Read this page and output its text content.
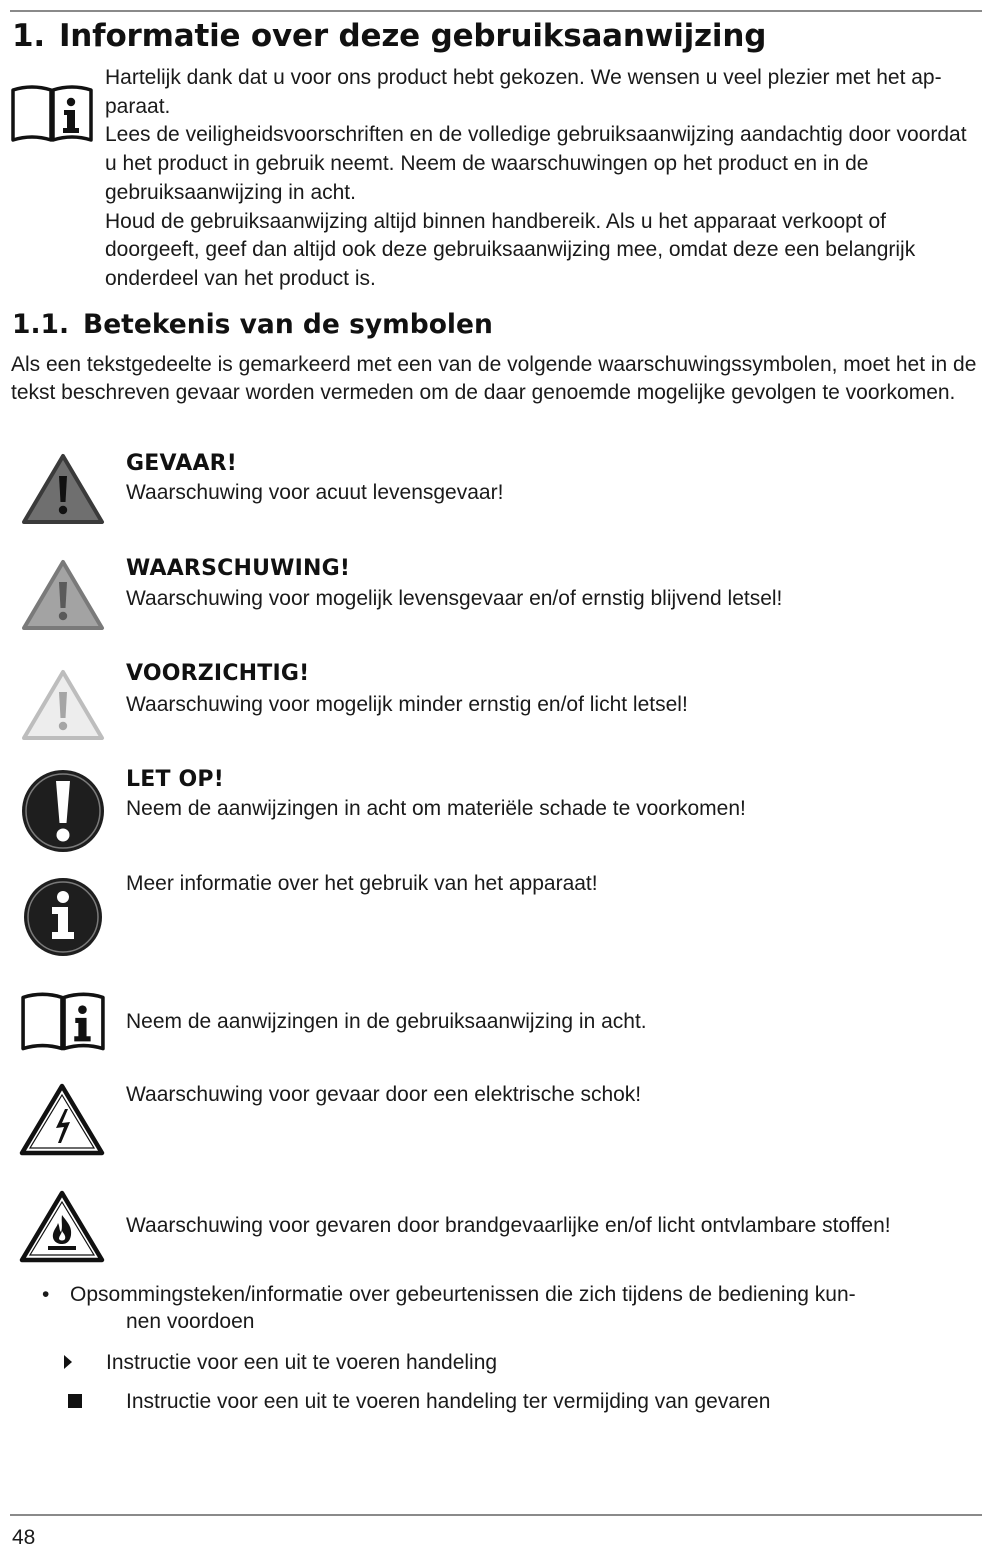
1. Informatie over deze gebruiksaanwijzing

Hartelijk dank dat u voor ons product hebt gekozen. We wensen u veel plezier met het ap-paraat.

Lees de veiligheidsvoorschriften en de volledige gebruiksaanwijzing aandachtig door voordat u het product in gebruik neemt. Neem de waarschuwingen op het product en in de gebruiksaanwijzing in acht.

Houd de gebruiksaanwijzing altijd binnen handbereik. Als u het apparaat verkoopt of doorgeeft, geef dan altijd ook deze gebruiksaanwijzing mee, omdat deze een belangrijk onderdeel van het product is.

1.1. Betekenis van de symbolen

Als een tekstgedeelte is gemarkeerd met een van de volgende waarschuwingssymbolen, moet het in de tekst beschreven gevaar worden vermeden om de daar genoemde mogelijke gevolgen te voorkomen.

GEVAAR!
Waarschuwing voor acuut levensgevaar!
WAARSCHUWING!
Waarschuwing voor mogelijk levensgevaar en/of ernstig blijvend letsel!
VOORZICHTIG!
Waarschuwing voor mogelijk minder ernstig en/of licht letsel!
LET OP!
Neem de aanwijzingen in acht om materiële schade te voorkomen!
Meer informatie over het gebruik van het apparaat!
Neem de aanwijzingen in de gebruiksaanwijzing in acht.
Waarschuwing voor gevaar door een elektrische schok!
Waarschuwing voor gevaren door brandgevaarlijke en/of licht ontvlambare stoffen!
• Opsommingsteken/informatie over gebeurtenissen die zich tijdens de bediening kun-
nen voordoen
Instructie voor een uit te voeren handeling
Instructie voor een uit te voeren handeling ter vermijding van gevaren
48
